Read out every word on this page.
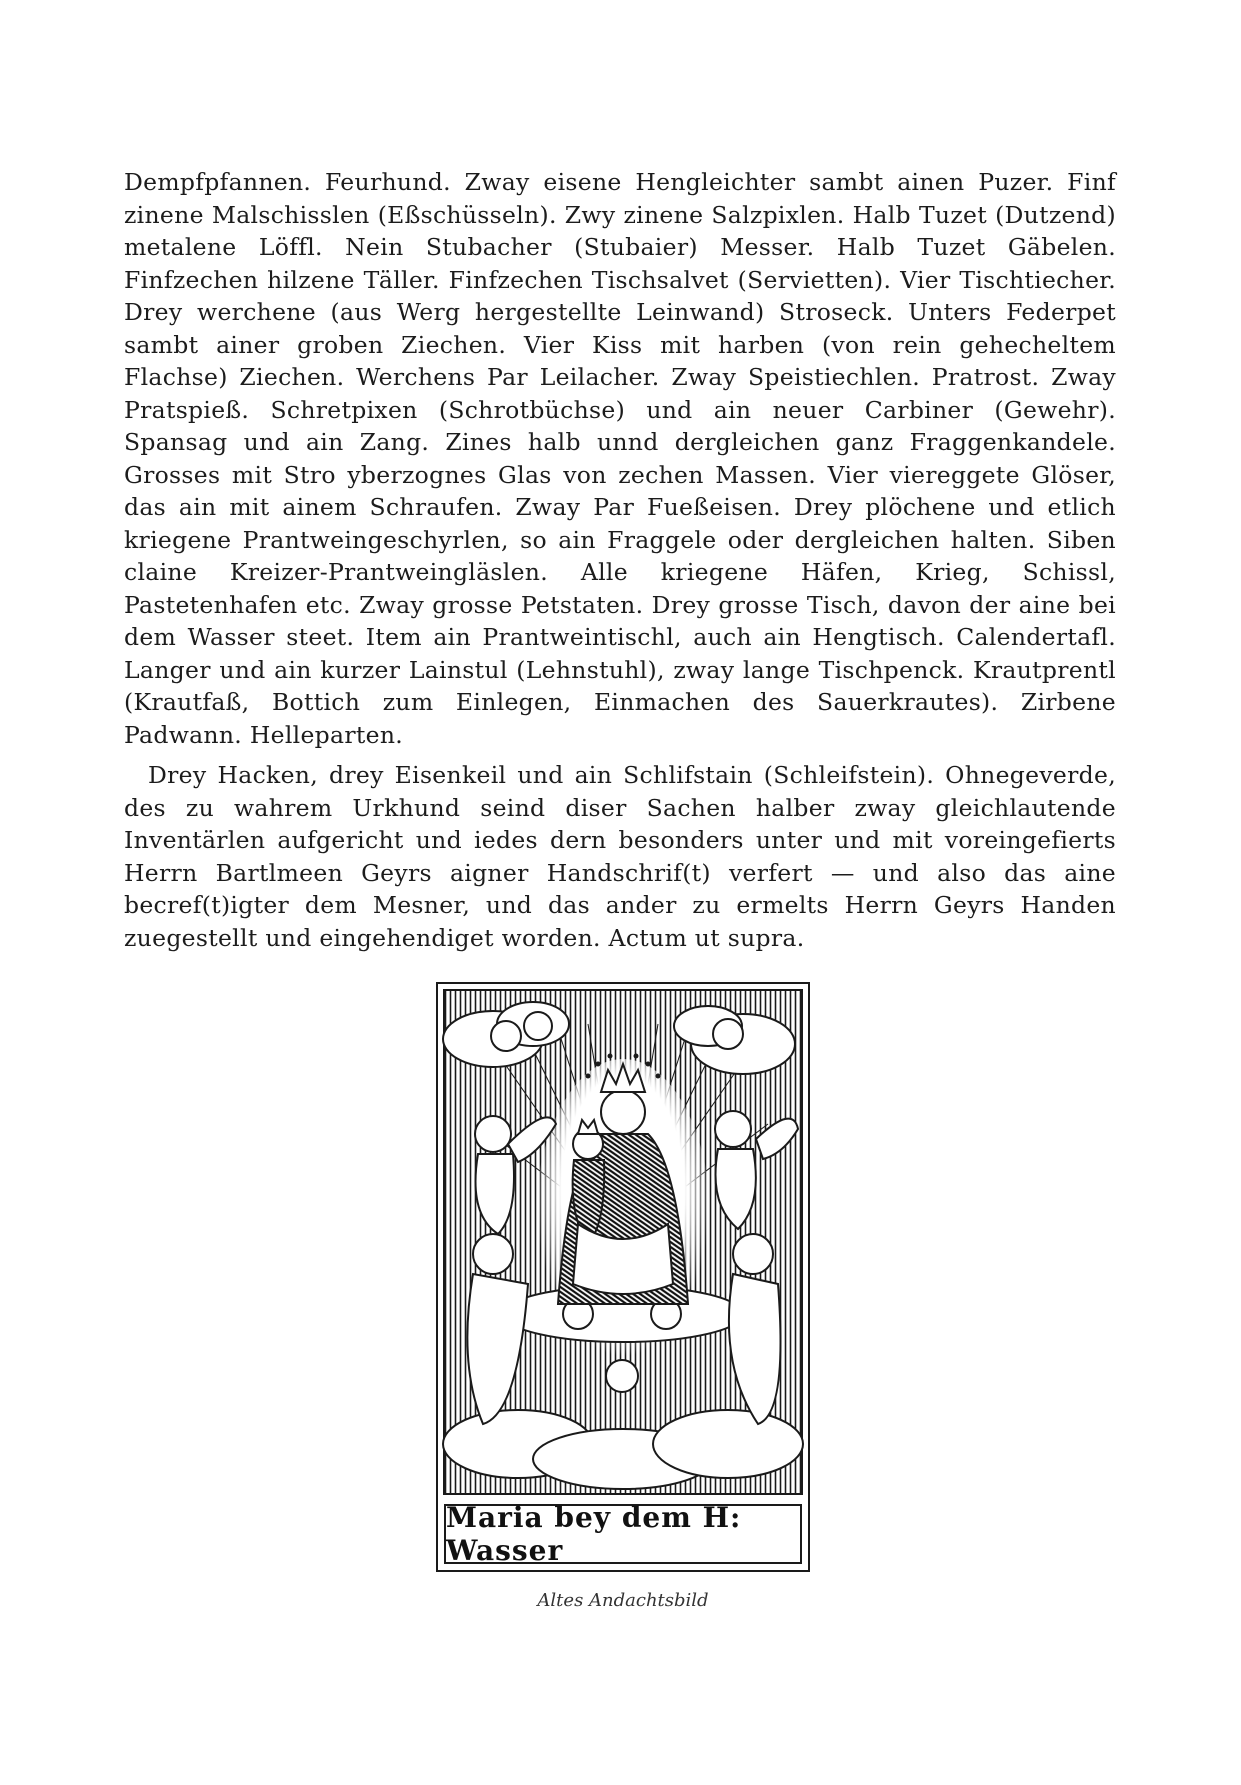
Dempfpfannen. Feurhund. Zway eisene Hengleichter sambt ainen Puzer. Finf zinene Malschisslen (Eßschüsseln). Zwy zinene Salzpixlen. Halb Tuzet (Dutzend) metalene Löffl. Nein Stubacher (Stubaier) Messer. Halb Tuzet Gäbelen. Finfzechen hilzene Täller. Finfzechen Tischsalvet (Servietten). Vier Tischtiecher. Drey werchene (aus Werg hergestellte Leinwand) Stroseck. Unters Federpet sambt ainer groben Ziechen. Vier Kiss mit harben (von rein gehecheltem Flachse) Ziechen. Werchens Par Leilacher. Zway Speistiechlen. Pratrost. Zway Pratspieß. Schretpixen (Schrotbüchse) und ain neuer Carbiner (Gewehr). Spansag und ain Zang. Zines halb unnd dergleichen ganz Fraggenkandele. Grosses mit Stro yberzognes Glas von zechen Massen. Vier viereggete Glöser, das ain mit ainem Schraufen. Zway Par Fueßeisen. Drey plöchene und etlich kriegene Prantweingeschyrlen, so ain Fraggele oder dergleichen halten. Siben claine Kreizer-Prantweingläslen. Alle kriegene Häfen, Krieg, Schissl, Pastetenhafen etc. Zway grosse Petstaten. Drey grosse Tisch, davon der aine bei dem Wasser steet. Item ain Prantweintischl, auch ain Hengtisch. Calendertafl. Langer und ain kurzer Lainstul (Lehnstuhl), zway lange Tischpenck. Krautprentl (Krautfaß, Bottich zum Einlegen, Einmachen des Sauerkrautes). Zirbene Padwann. Helleparten.

Drey Hacken, drey Eisenkeil und ain Schlifstain (Schleifstein). Ohnegeverde, des zu wahrem Urkhund seind diser Sachen halber zway gleichlautende Inventärlen aufgericht und iedes dern besonders unter und mit voreingefierts Herrn Bartlmeen Geyrs aigner Handschrif(t) verfert — und also das aine becref(t)igter dem Mesner, und das ander zu ermelts Herrn Geyrs Handen zuegestellt und eingehendiget worden. Actum ut supra.

Maria bey dem H: Wasser
Altes Andachtsbild
